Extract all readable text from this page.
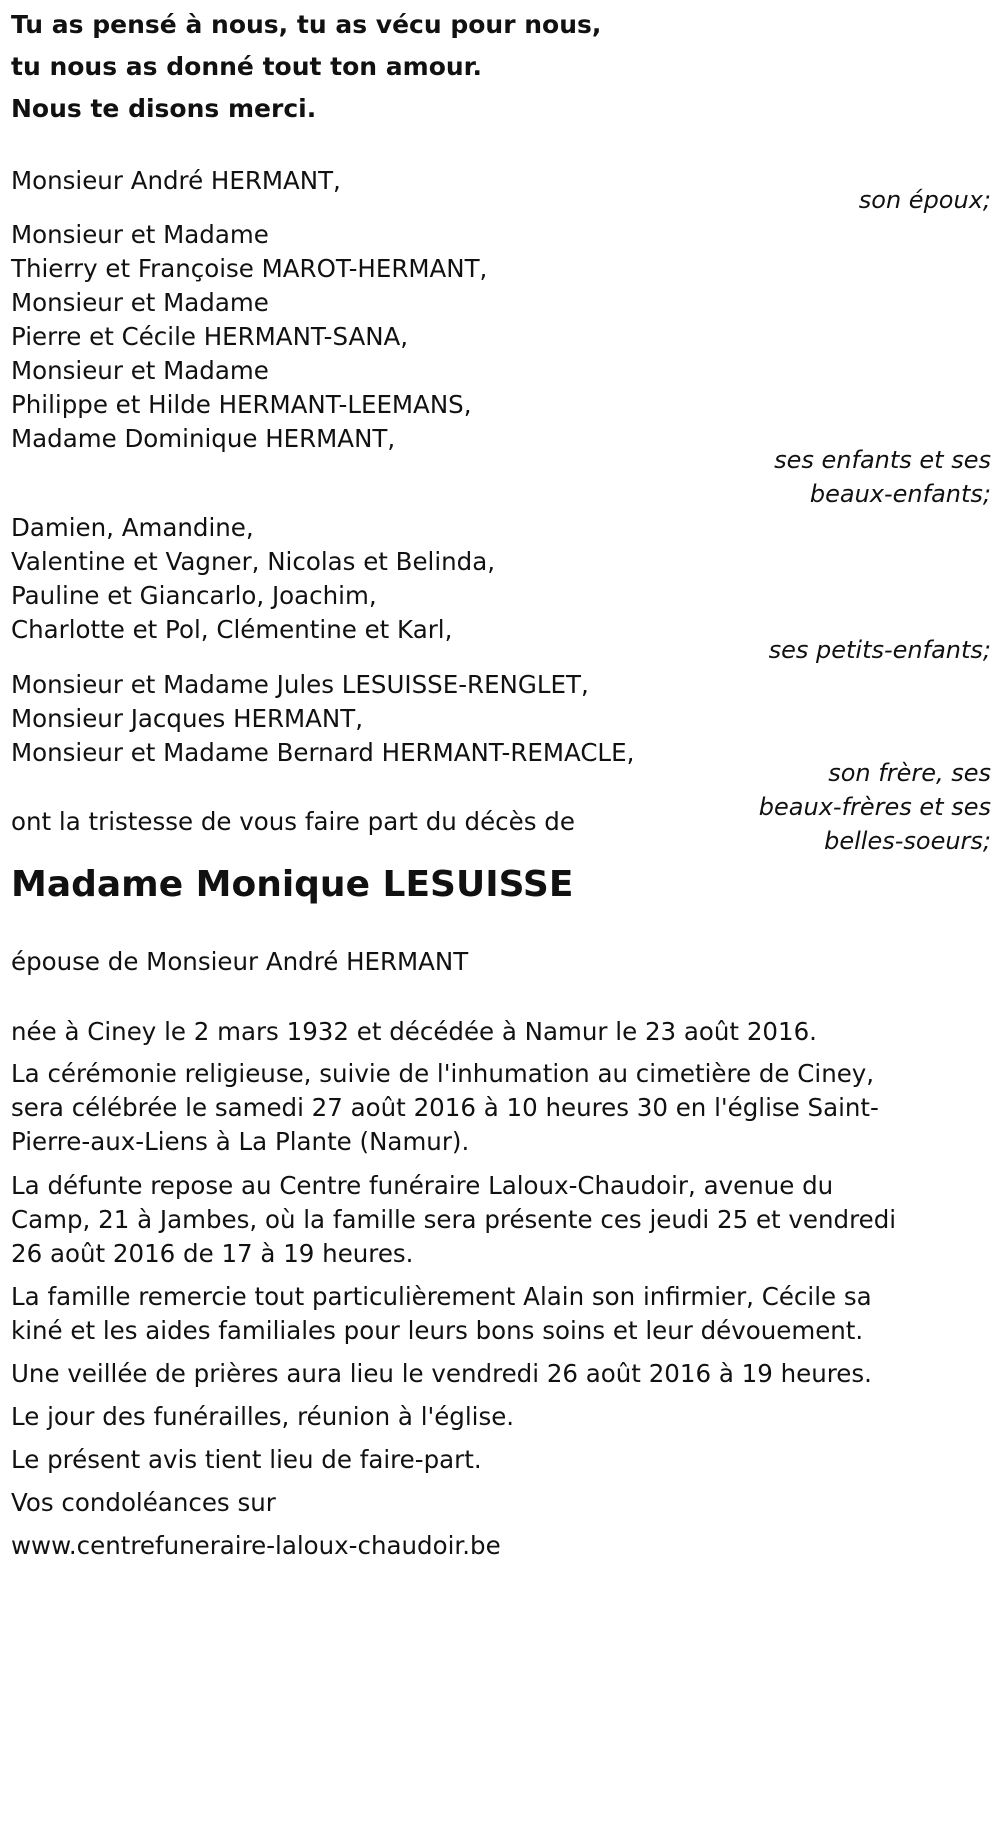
Tu as pensé à nous, tu as vécu pour nous,
tu nous as donné tout ton amour.
Nous te disons merci.
Monsieur André HERMANT,
son époux;
Monsieur et Madame
Thierry et Françoise MAROT-HERMANT,
Monsieur et Madame
Pierre et Cécile HERMANT-SANA,
Monsieur et Madame
Philippe et Hilde HERMANT-LEEMANS,
Madame Dominique HERMANT,
ses enfants et ses
beaux-enfants;
Damien, Amandine,
Valentine et Vagner, Nicolas et Belinda,
Pauline et Giancarlo, Joachim,
Charlotte et Pol, Clémentine et Karl,
ses petits-enfants;
Monsieur et Madame Jules LESUISSE-RENGLET,
Monsieur Jacques HERMANT,
Monsieur et Madame Bernard HERMANT-REMACLE,
son frère, ses
beaux-frères et ses
belles-soeurs;
ont la tristesse de vous faire part du décès de
Madame Monique LESUISSE
épouse de Monsieur André HERMANT
née à Ciney le 2 mars 1932 et décédée à Namur le 23 août 2016.
La cérémonie religieuse, suivie de l'inhumation au cimetière de Ciney,
sera célébrée le samedi 27 août 2016 à 10 heures 30 en l'église Saint-
Pierre-aux-Liens à La Plante (Namur).
La défunte repose au Centre funéraire Laloux-Chaudoir, avenue du
Camp, 21 à Jambes, où la famille sera présente ces jeudi 25 et vendredi
26 août 2016 de 17 à 19 heures.
La famille remercie tout particulièrement Alain son infirmier, Cécile sa
kiné et les aides familiales pour leurs bons soins et leur dévouement.
Une veillée de prières aura lieu le vendredi 26 août 2016 à 19 heures.
Le jour des funérailles, réunion à l'église.
Le présent avis tient lieu de faire-part.
Vos condoléances sur
www.centrefuneraire-laloux-chaudoir.be
